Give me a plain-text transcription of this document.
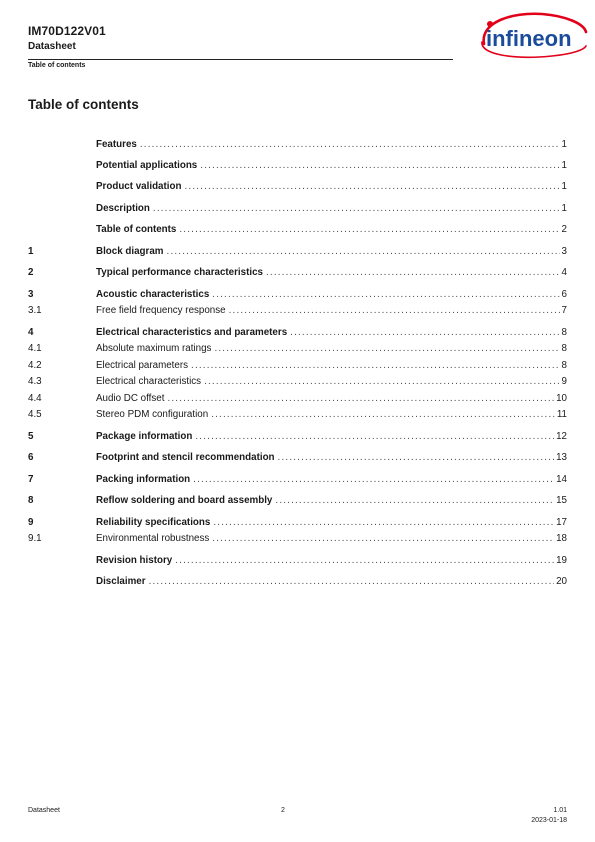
IM70D122V01
Datasheet
Table of contents
infineon
Table of contents
Features .....	1
Potential applications .....	1
Product validation .....	1
Description .....	1
Table of contents .....	2
1	Block diagram .....	3
2	Typical performance characteristics .....	4
3	Acoustic characteristics .....	6
3.1	Free field frequency response .....	7
4	Electrical characteristics and parameters .....	8
4.1	Absolute maximum ratings .....	8
4.2	Electrical parameters .....	8
4.3	Electrical characteristics .....	9
4.4	Audio DC offset .....	10
4.5	Stereo PDM configuration .....	11
5	Package information .....	12
6	Footprint and stencil recommendation .....	13
7	Packing information .....	14
8	Reflow soldering and board assembly .....	15
9	Reliability specifications .....	17
9.1	Environmental robustness .....	18
Revision history .....	19
Disclaimer .....	20
Datasheet	2	1.01
2023-01-18
